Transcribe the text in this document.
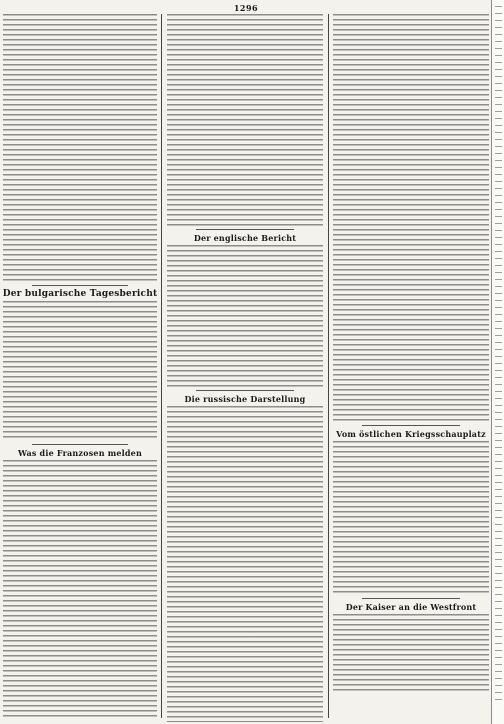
1296
Der bulgarische Tagesbericht
Was die Franzosen melden
Der englische Bericht
Die russische Darstellung
Vom östlichen Kriegsschauplatz
Der Kaiser an die Westfront
